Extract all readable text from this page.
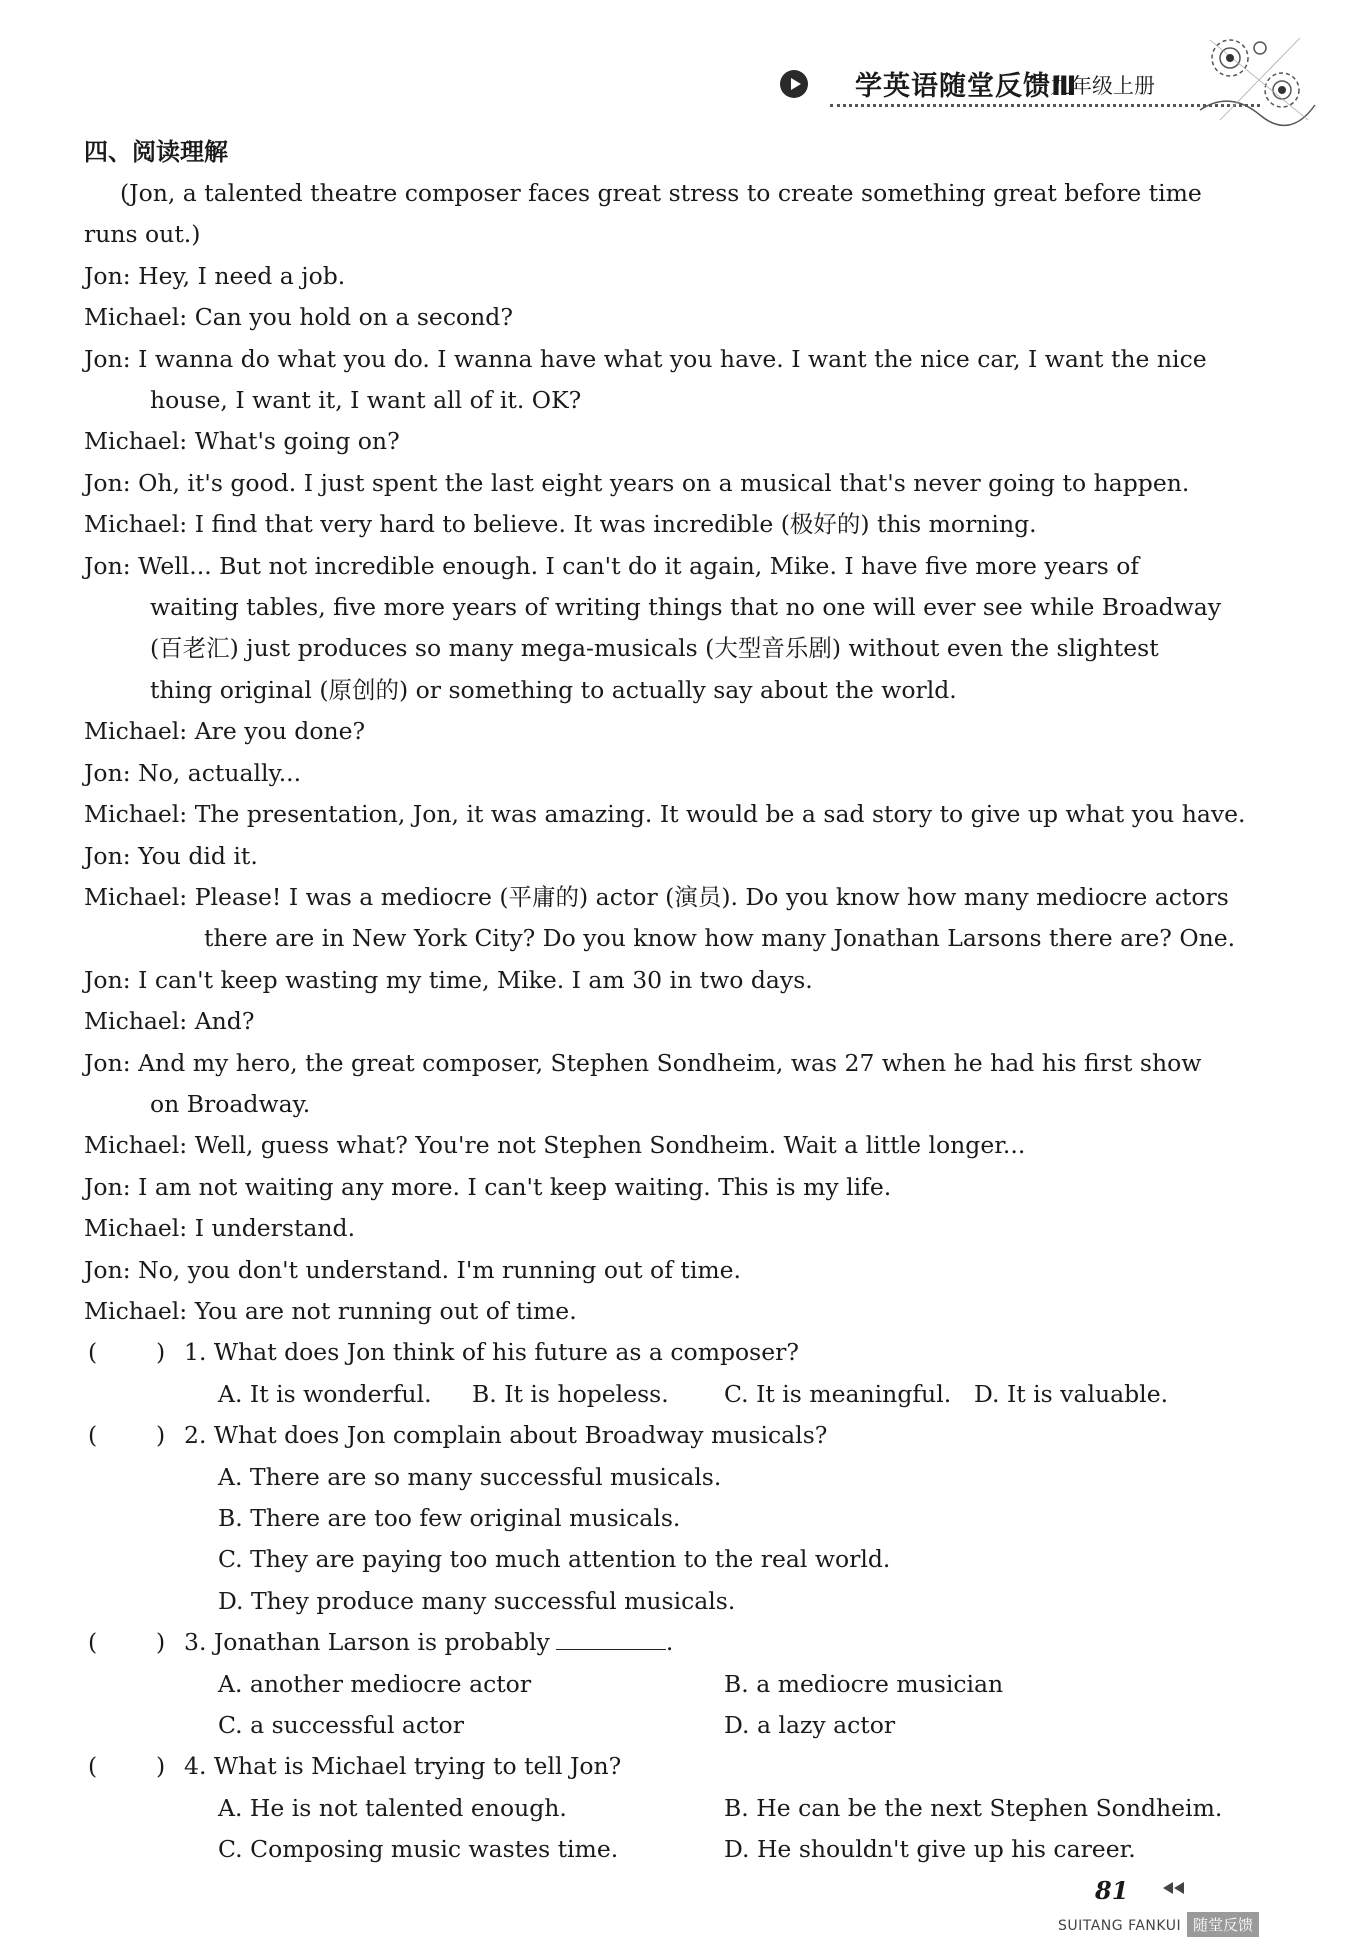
学英语随堂反馈Ⅲ
九年级上册
四、阅读理解
(Jon, a talented theatre composer faces great stress to create something great before time
runs out.)
Jon: Hey, I need a job.
Michael: Can you hold on a second?
Jon: I wanna do what you do. I wanna have what you have. I want the nice car, I want the nice
house, I want it, I want all of it. OK?
Michael: What's going on?
Jon: Oh, it's good. I just spent the last eight years on a musical that's never going to happen.
Michael: I find that very hard to believe. It was incredible (极好的) this morning.
Jon: Well... But not incredible enough. I can't do it again, Mike. I have five more years of
waiting tables, five more years of writing things that no one will ever see while Broadway
(百老汇) just produces so many mega-musicals (大型音乐剧) without even the slightest
thing original (原创的) or something to actually say about the world.
Michael: Are you done?
Jon: No, actually...
Michael: The presentation, Jon, it was amazing. It would be a sad story to give up what you have.
Jon: You did it.
Michael: Please! I was a mediocre (平庸的) actor (演员). Do you know how many mediocre actors
there are in New York City? Do you know how many Jonathan Larsons there are? One.
Jon: I can't keep wasting my time, Mike. I am 30 in two days.
Michael: And?
Jon: And my hero, the great composer, Stephen Sondheim, was 27 when he had his first show
on Broadway.
Michael: Well, guess what? You're not Stephen Sondheim. Wait a little longer...
Jon: I am not waiting any more. I can't keep waiting. This is my life.
Michael: I understand.
Jon: No, you don't understand. I'm running out of time.
Michael: You are not running out of time.
(	) 1. What does Jon think of his future as a composer?
A. It is wonderful. B. It is hopeless. C. It is meaningful. D. It is valuable.
(	) 2. What does Jon complain about Broadway musicals?
A. There are so many successful musicals.
B. There are too few original musicals.
C. They are paying too much attention to the real world.
D. They produce many successful musicals.
(	) 3. Jonathan Larson is probably	.
A. another mediocre actor	B. a mediocre musician
C. a successful actor	D. a lazy actor
(	) 4. What is Michael trying to tell Jon?
A. He is not talented enough.	B. He can be the next Stephen Sondheim.
C. Composing music wastes time.	D. He shouldn't give up his career.
81
SUITANG FANKUI 随堂反馈
